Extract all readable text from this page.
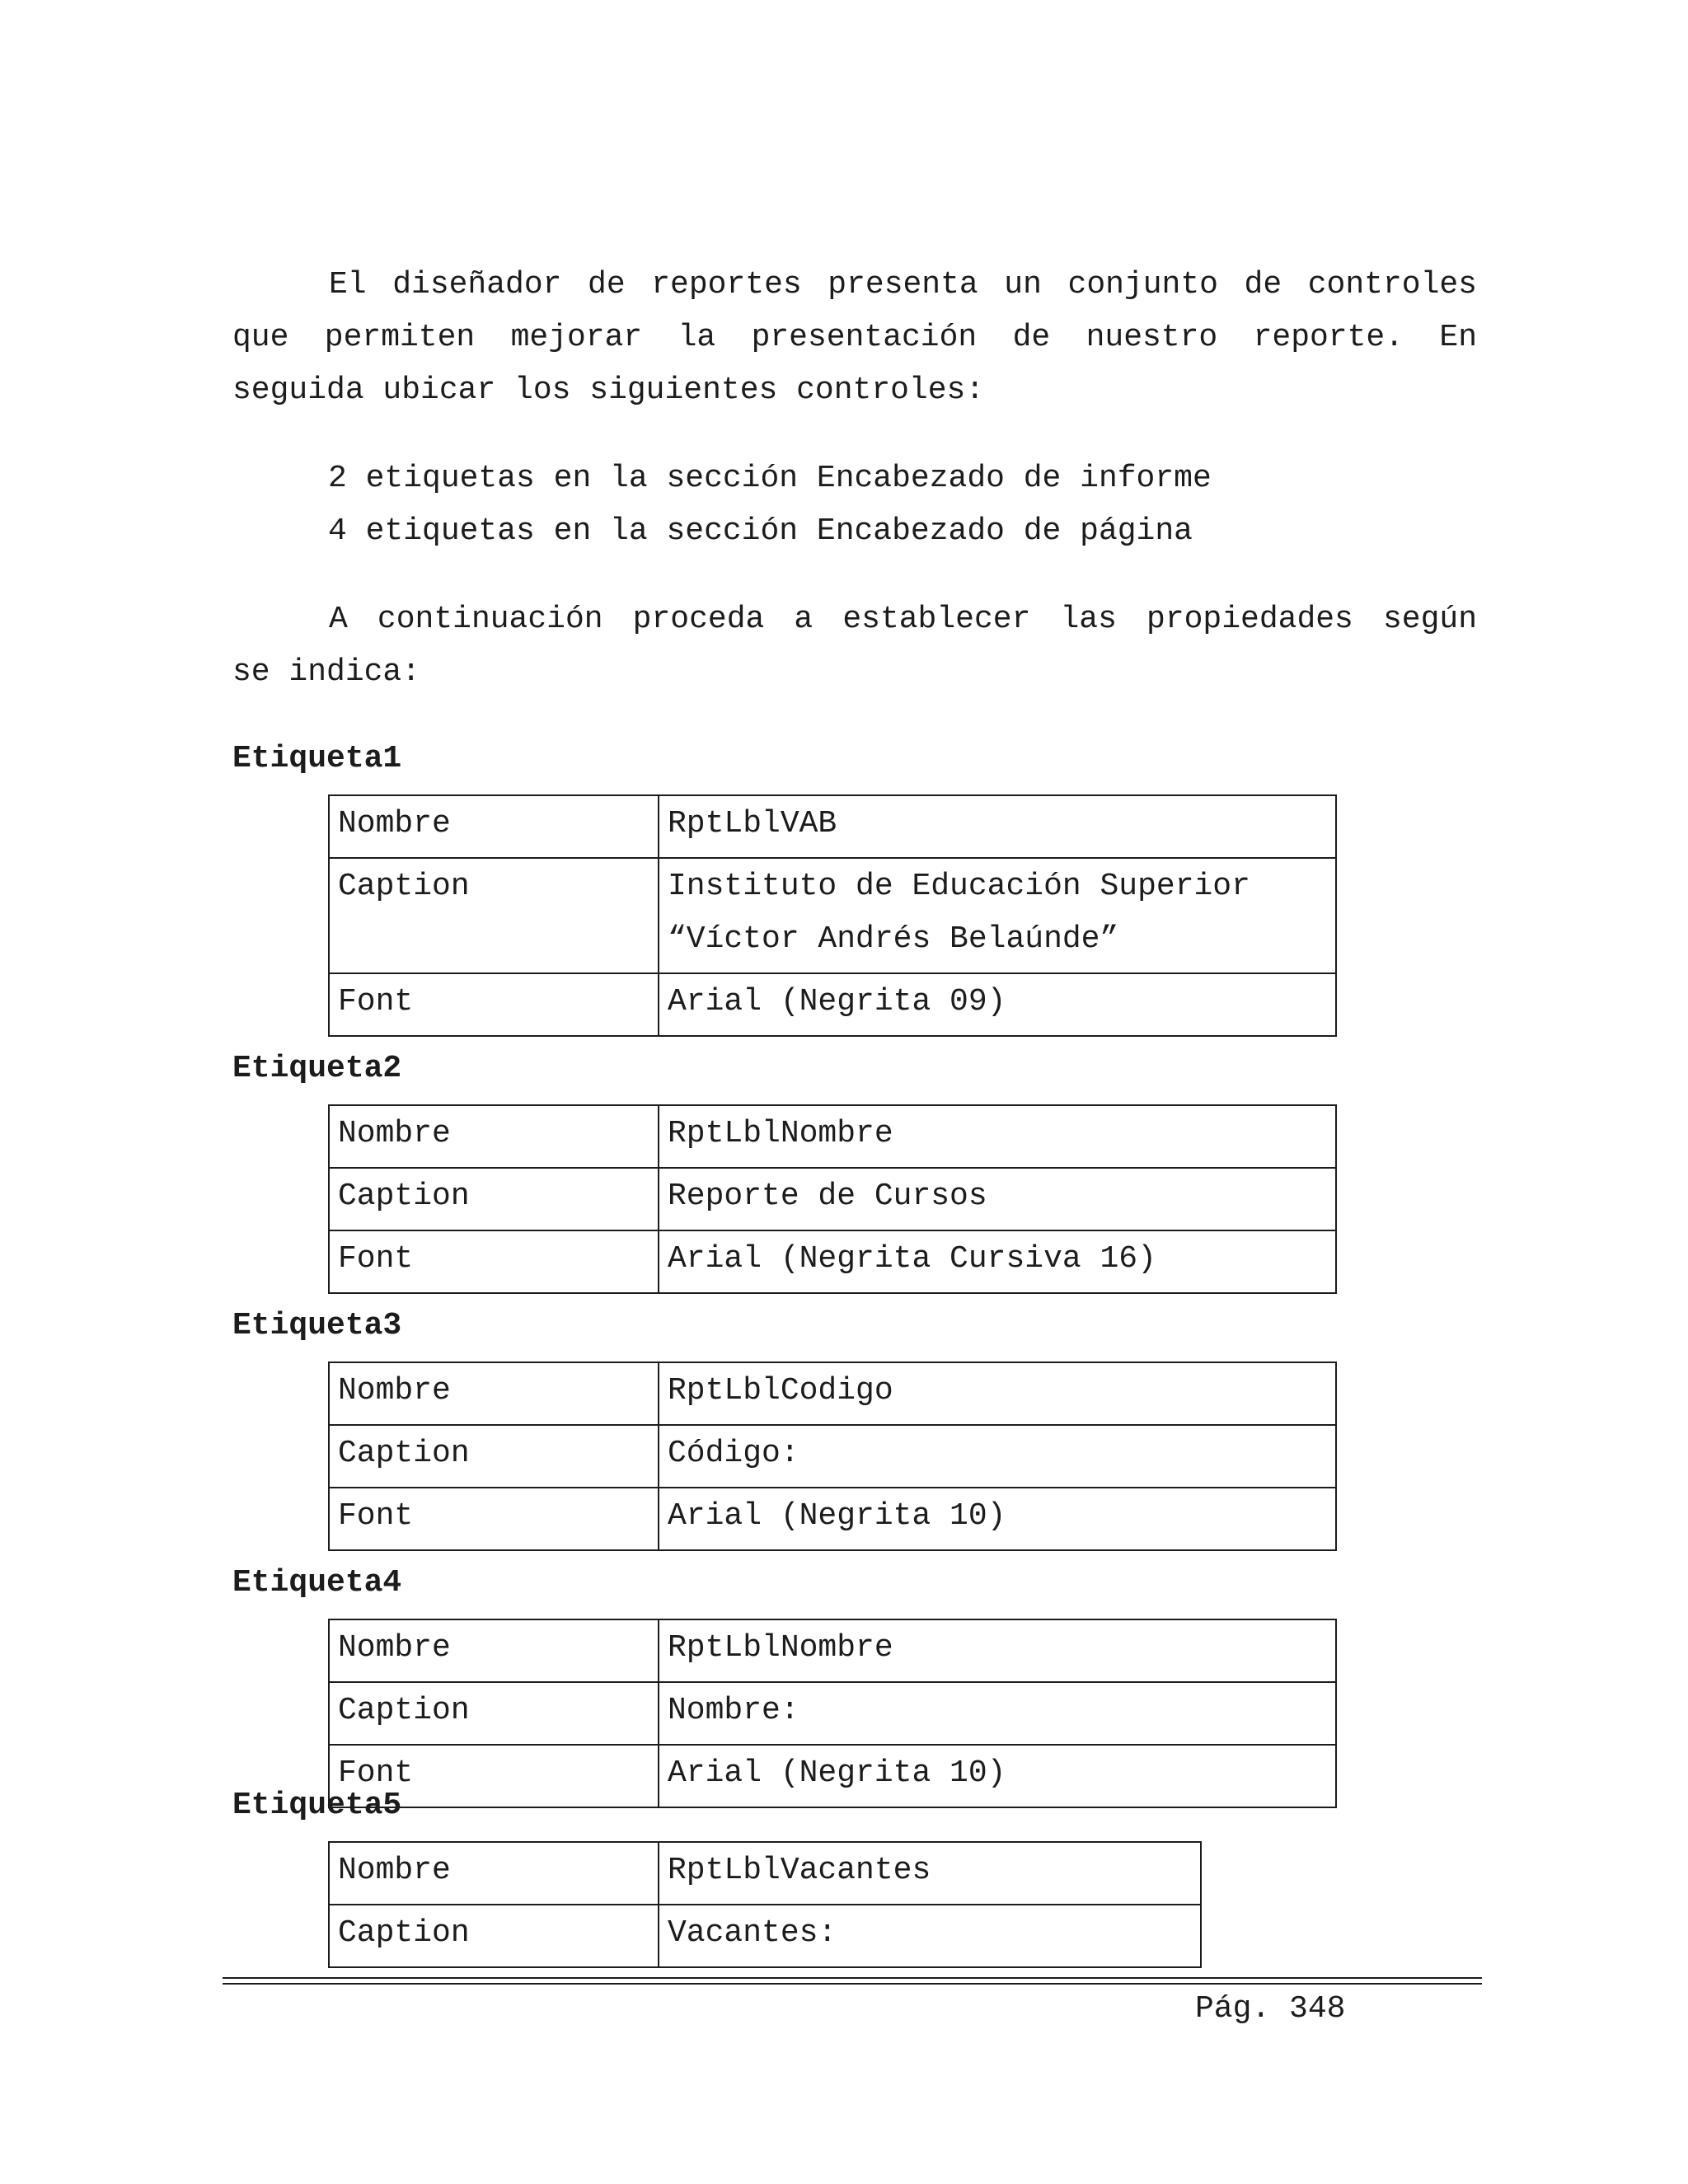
El diseñador de reportes presenta un conjunto de controles que permiten mejorar la presentación de nuestro reporte. En

seguida ubicar los siguientes controles:
2 etiquetas en la sección Encabezado de informe
4 etiquetas en la sección Encabezado de página

A continuación proceda a establecer las propiedades según

se indica:
Etiqueta1
Nombre	RptLblVAB
Caption	Instituto de Educación Superior
“Víctor Andrés Belaúnde”
Font	Arial (Negrita 09)
Etiqueta2
Nombre	RptLblNombre
Caption	Reporte de Cursos
Font	Arial (Negrita Cursiva 16)
Etiqueta3
Nombre	RptLblCodigo
Caption	Código:
Font	Arial (Negrita 10)
Etiqueta4
Nombre	RptLblNombre
Caption	Nombre:
Font	Arial (Negrita 10)
Etiqueta5
Nombre	RptLblVacantes
Caption	Vacantes:
Pág. 348
